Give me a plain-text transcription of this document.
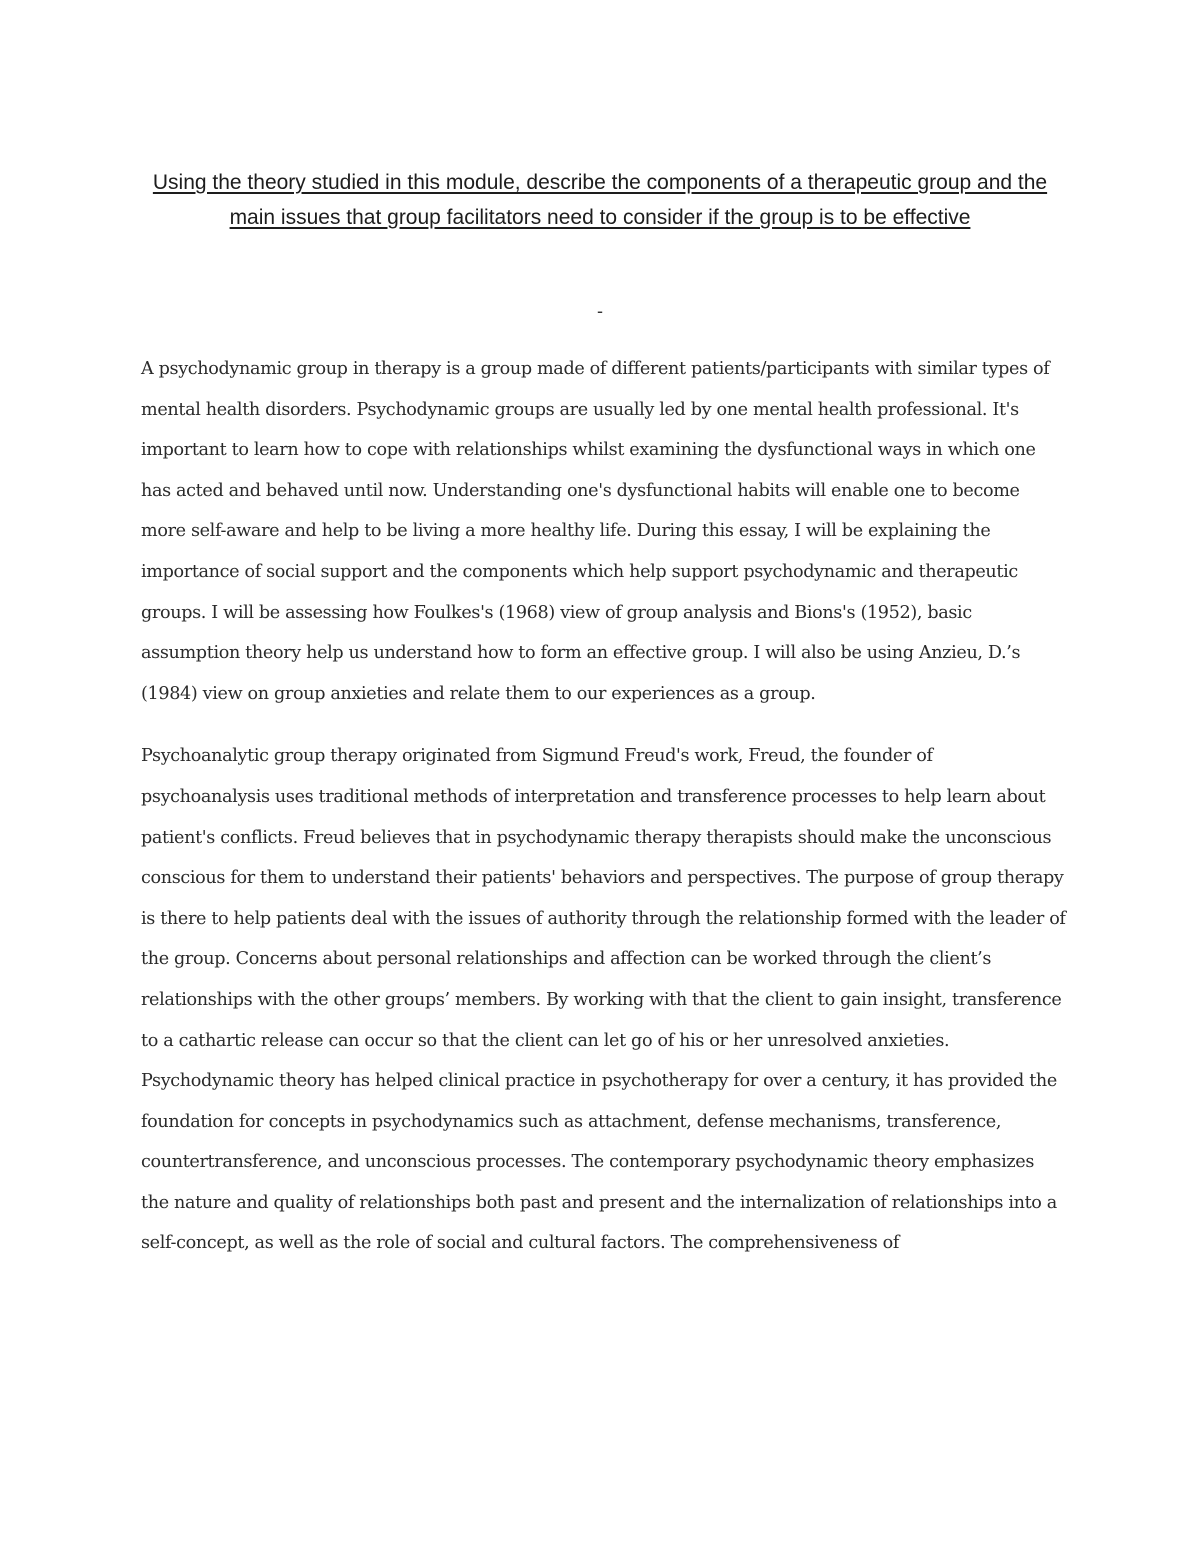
Using the theory studied in this module, describe the components of a therapeutic group and the main issues that group facilitators need to consider if the group is to be effective
-

A psychodynamic group in therapy is a group made of different patients/participants with similar types of mental health disorders. Psychodynamic groups are usually led by one mental health professional. It's important to learn how to cope with relationships whilst examining the dysfunctional ways in which one has acted and behaved until now. Understanding one's dysfunctional habits will enable one to become more self-aware and help to be living a more healthy life. During this essay, I will be explaining the importance of social support and the components which help support psychodynamic and therapeutic groups. I will be assessing how Foulkes's (1968) view of group analysis and Bions's (1952), basic assumption theory help us understand how to form an effective group. I will also be using Anzieu, D.’s (1984) view on group anxieties and relate them to our experiences as a group.

Psychoanalytic group therapy originated from Sigmund Freud's work, Freud, the founder of psychoanalysis uses traditional methods of interpretation and transference processes to help learn about patient's conflicts. Freud believes that in psychodynamic therapy therapists should make the unconscious conscious for them to understand their patients' behaviors and perspectives. The purpose of group therapy is there to help patients deal with the issues of authority through the relationship formed with the leader of the group. Concerns about personal relationships and affection can be worked through the client’s relationships with the other groups’ members. By working with that the client to gain insight, transference to a cathartic release can occur so that the client can let go of his or her unresolved anxieties. Psychodynamic theory has helped clinical practice in psychotherapy for over a century, it has provided the foundation for concepts in psychodynamics such as attachment, defense mechanisms, transference, countertransference, and unconscious processes. The contemporary psychodynamic theory emphasizes the nature and quality of relationships both past and present and the internalization of relationships into a self-concept, as well as the role of social and cultural factors. The comprehensiveness of
